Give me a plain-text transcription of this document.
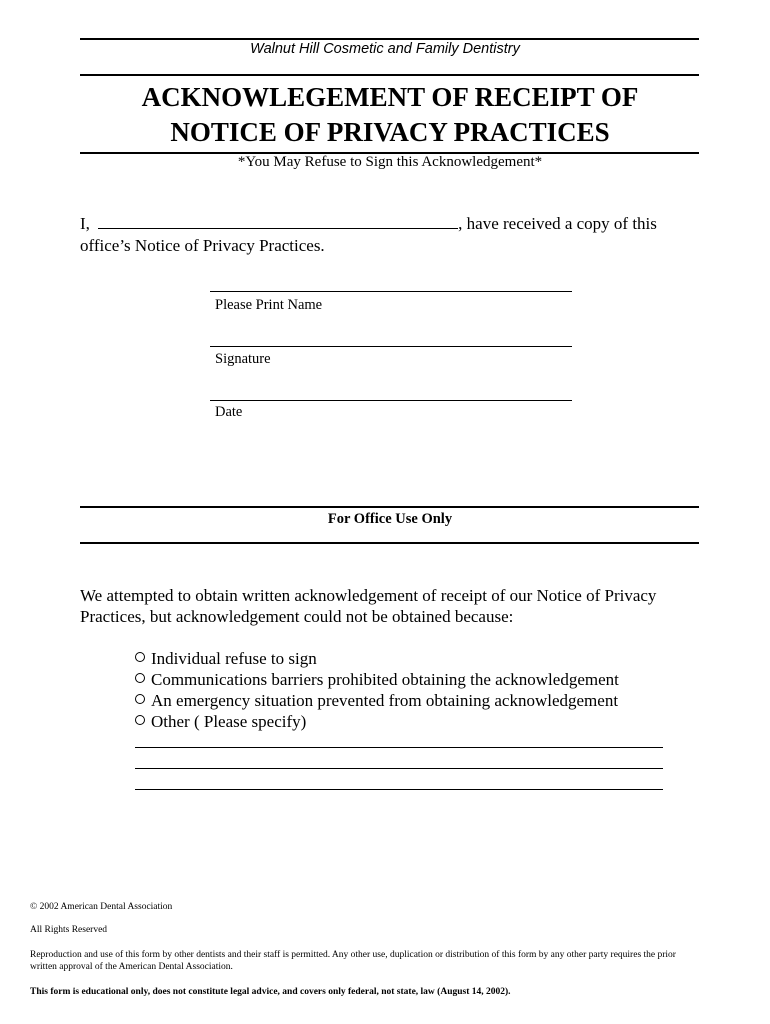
Walnut Hill Cosmetic and Family Dentistry
ACKNOWLEGEMENT OF RECEIPT OF
NOTICE OF PRIVACY PRACTICES
*You May Refuse to Sign this Acknowledgement*
I,	, have received a copy of this
office’s Notice of Privacy Practices.
Please Print Name
Signature
Date
For Office Use Only
We attempted to obtain written acknowledgement of receipt of our Notice of Privacy
Practices, but acknowledgement could not be obtained because:
Individual refuse to sign
Communications barriers prohibited obtaining the acknowledgement
An emergency situation prevented from obtaining acknowledgement
Other ( Please specify)
© 2002 American Dental Association
All Rights Reserved
Reproduction and use of this form by other dentists and their staff is permitted. Any other use, duplication or distribution of this form by any other party requires the prior written approval of the American Dental Association.
This form is educational only, does not constitute legal advice, and covers only federal, not state, law (August 14, 2002).
